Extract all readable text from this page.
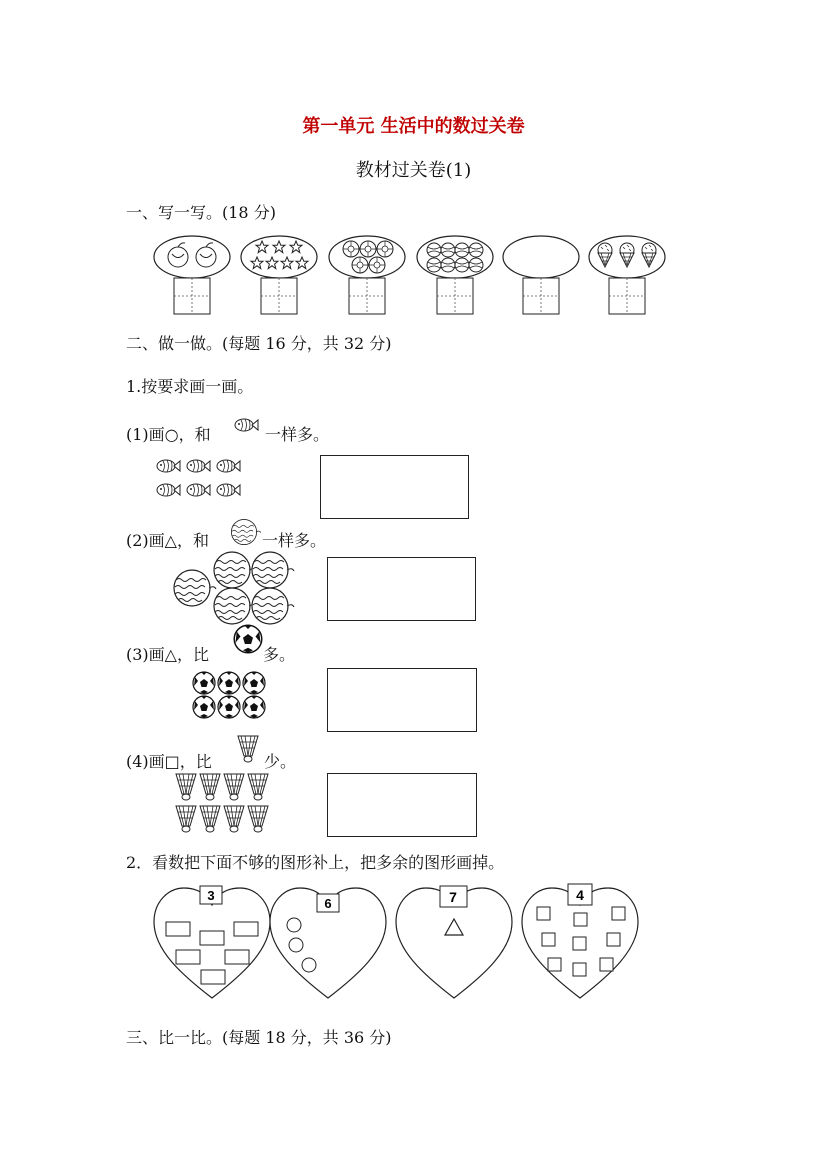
第一单元 生活中的数过关卷
教材过关卷(1)
一、写一写。(18 分)
二、做一做。(每题 16 分，共 32 分)
1.按要求画一画。
(1)画○，和	一样多。
(2)画△，和	一样多。
(3)画△，比	多。
(4)画□，比	少。
2．看数把下面不够的图形补上，把多余的图形画掉。
3
6	7	4
三、比一比。(每题 18 分，共 36 分)
